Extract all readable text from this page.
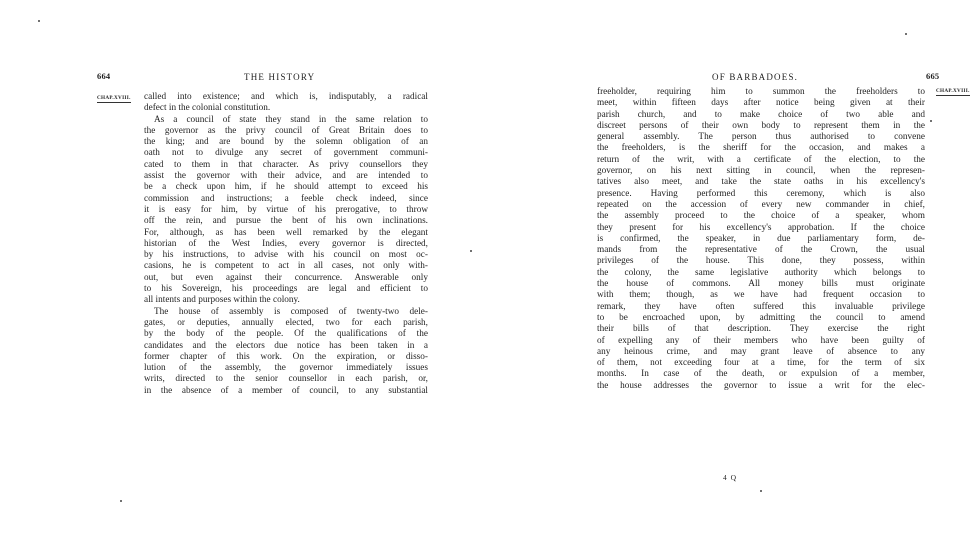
664	THE HISTORY
CHAP.XVIII. called into existence; and which is, indisputably, a radical
defect in the colonial constitution.
As a council of state they stand in the same relation to
the governor as the privy council of Great Britain does to
the king; and are bound by the solemn obligation of an
oath not to divulge any secret of government communi-
cated to them in that character. As privy counsellors they
assist the governor with their advice, and are intended to
be a check upon him, if he should attempt to exceed his
commission and instructions; a feeble check indeed, since
it is easy for him, by virtue of his prerogative, to throw
off the rein, and pursue the bent of his own inclinations.
For, although, as has been well remarked by the elegant
historian of the West Indies, every governor is directed,
by his instructions, to advise with his council on most oc-
casions, he is competent to act in all cases, not only with-
out, but even against their concurrence. Answerable only
to his Sovereign, his proceedings are legal and efficient to
all intents and purposes within the colony.
The house of assembly is composed of twenty-two dele-
gates, or deputies, annually elected, two for each parish,
by the body of the people. Of the qualifications of the
candidates and the electors due notice has been taken in a
former chapter of this work. On the expiration, or disso-
lution of the assembly, the governor immediately issues
writs, directed to the senior counsellor in each parish, or,
in the absence of a member of council, to any substantial
OF BARBADOES.	665
CHAP.XVIII.
freeholder, requiring him to summon the freeholders to
meet, within fifteen days after notice being given at their
parish church, and to make choice of two able and
discreet persons of their own body to represent them in the
general assembly. The person thus authorised to convene
the freeholders, is the sheriff for the occasion, and makes a
return of the writ, with a certificate of the election, to the
governor, on his next sitting in council, when the represen-
tatives also meet, and take the state oaths in his excellency's
presence. Having performed this ceremony, which is also
repeated on the accession of every new commander in chief,
the assembly proceed to the choice of a speaker, whom
they present for his excellency's approbation. If the choice
is confirmed, the speaker, in due parliamentary form, de-
mands from the representative of the Crown, the usual
privileges of the house. This done, they possess, within
the colony, the same legislative authority which belongs to
the house of commons. All money bills must originate
with them; though, as we have had frequent occasion to
remark, they have often suffered this invaluable privilege
to be encroached upon, by admitting the council to amend
their bills of that description. They exercise the right
of expelling any of their members who have been guilty of
any heinous crime, and may grant leave of absence to any
of them, not exceeding four at a time, for the term of six
months. In case of the death, or expulsion of a member,
the house addresses the governor to issue a writ for the elec-
4 Q
